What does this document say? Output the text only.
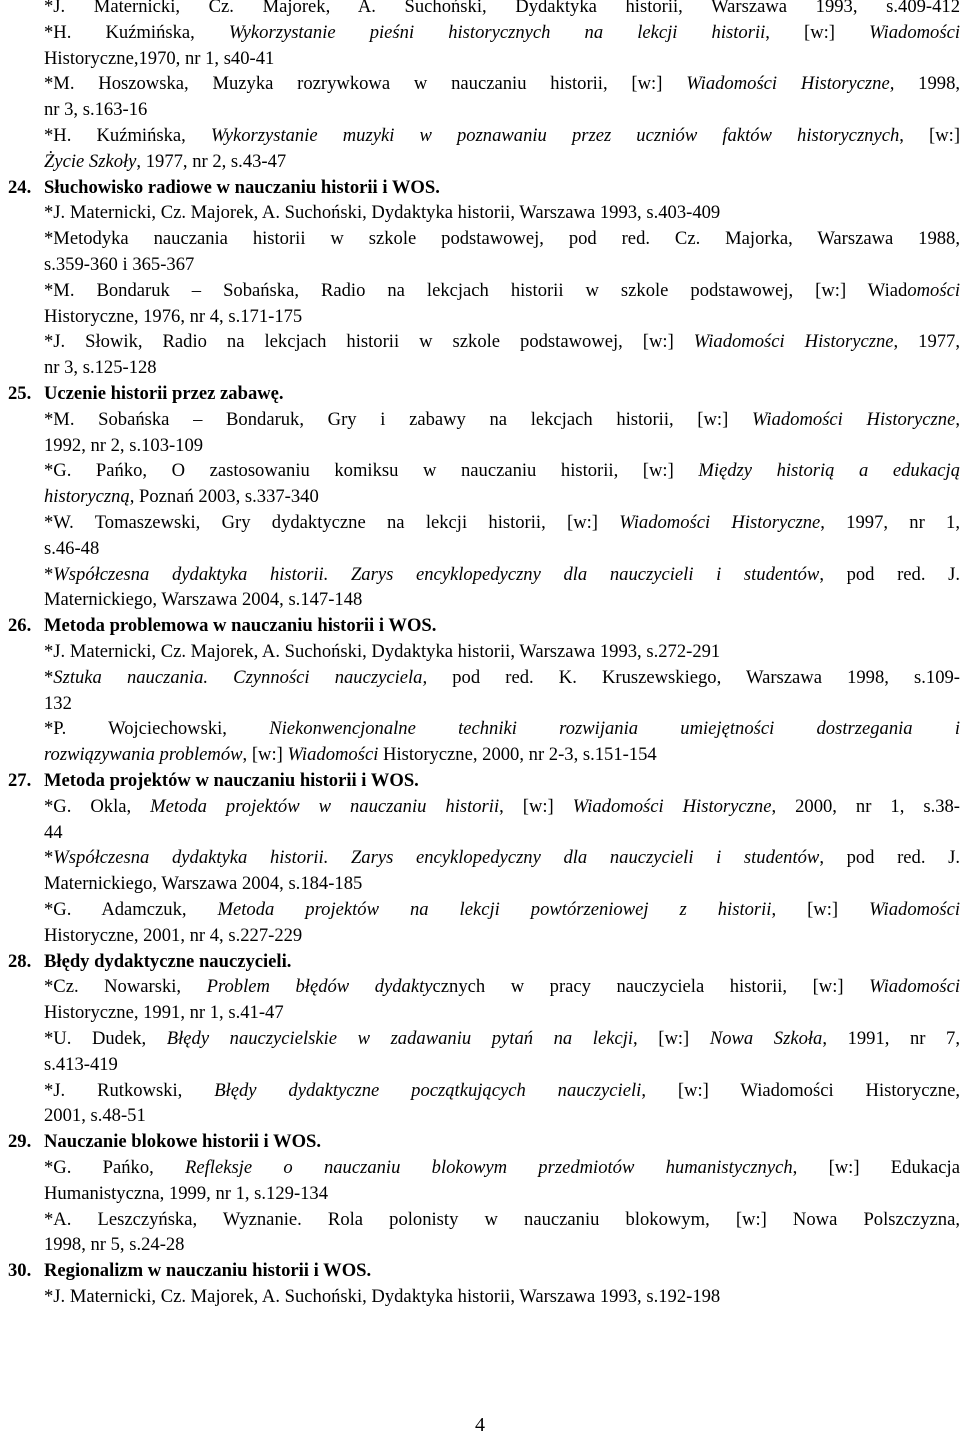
*J. Maternicki, Cz. Majorek, A. Suchoński, Dydaktyka historii, Warszawa 1993, s.409-412
*H. Kuźmińska, Wykorzystanie pieśni historycznych na lekcji historii, [w:] Wiadomości
Historyczne,1970, nr 1, s40-41
*M. Hoszowska, Muzyka rozrywkowa w nauczaniu historii, [w:] Wiadomości Historyczne, 1998,
nr 3, s.163-16
*H. Kuźmińska, Wykorzystanie muzyki w poznawaniu przez uczniów faktów historycznych, [w:]
Życie Szkoły, 1977, nr 2, s.43-47
24. Słuchowisko radiowe w nauczaniu historii i WOS.
*J. Maternicki, Cz. Majorek, A. Suchoński, Dydaktyka historii, Warszawa 1993, s.403-409
*Metodyka nauczania historii w szkole podstawowej, pod red. Cz. Majorka, Warszawa 1988,
s.359-360 i 365-367
*M. Bondaruk – Sobańska, Radio na lekcjach historii w szkole podstawowej, [w:] Wiadomości
Historyczne, 1976, nr 4, s.171-175
*J. Słowik, Radio na lekcjach historii w szkole podstawowej, [w:] Wiadomości Historyczne, 1977,
nr 3, s.125-128
25. Uczenie historii przez zabawę.
*M. Sobańska – Bondaruk, Gry i zabawy na lekcjach historii, [w:] Wiadomości Historyczne,
1992, nr 2, s.103-109
*G. Pańko, O zastosowaniu komiksu w nauczaniu historii, [w:] Między historią a edukacją
historyczną, Poznań 2003, s.337-340
*W. Tomaszewski, Gry dydaktyczne na lekcji historii, [w:] Wiadomości Historyczne, 1997, nr 1,
s.46-48
*Współczesna dydaktyka historii. Zarys encyklopedyczny dla nauczycieli i studentów, pod red. J.
Maternickiego, Warszawa 2004, s.147-148
26. Metoda problemowa w nauczaniu historii i WOS.
*J. Maternicki, Cz. Majorek, A. Suchoński, Dydaktyka historii, Warszawa 1993, s.272-291
*Sztuka nauczania. Czynności nauczyciela, pod red. K. Kruszewskiego, Warszawa 1998, s.109-
132
*P. Wojciechowski, Niekonwencjonalne techniki rozwijania umiejętności dostrzegania i
rozwiązywania problemów, [w:] Wiadomości Historyczne, 2000, nr 2-3, s.151-154
27. Metoda projektów w nauczaniu historii i WOS.
*G. Okla, Metoda projektów w nauczaniu historii, [w:] Wiadomości Historyczne, 2000, nr 1, s.38-
44
*Współczesna dydaktyka historii. Zarys encyklopedyczny dla nauczycieli i studentów, pod red. J.
Maternickiego, Warszawa 2004, s.184-185
*G. Adamczuk, Metoda projektów na lekcji powtórzeniowej z historii, [w:] Wiadomości
Historyczne, 2001, nr 4, s.227-229
28. Błędy dydaktyczne nauczycieli.
*Cz. Nowarski, Problem błędów dydaktycznych w pracy nauczyciela historii, [w:] Wiadomości
Historyczne, 1991, nr 1, s.41-47
*U. Dudek, Błędy nauczycielskie w zadawaniu pytań na lekcji, [w:] Nowa Szkoła, 1991, nr 7,
s.413-419
*J. Rutkowski, Błędy dydaktyczne początkujących nauczycieli, [w:] Wiadomości Historyczne,
2001, s.48-51
29. Nauczanie blokowe historii i WOS.
*G. Pańko, Refleksje o nauczaniu blokowym przedmiotów humanistycznych, [w:] Edukacja
Humanistyczna, 1999, nr 1, s.129-134
*A. Leszczyńska, Wyznanie. Rola polonisty w nauczaniu blokowym, [w:] Nowa Polszczyzna,
1998, nr 5, s.24-28
30. Regionalizm w nauczaniu historii i WOS.
*J. Maternicki, Cz. Majorek, A. Suchoński, Dydaktyka historii, Warszawa 1993, s.192-198
4
